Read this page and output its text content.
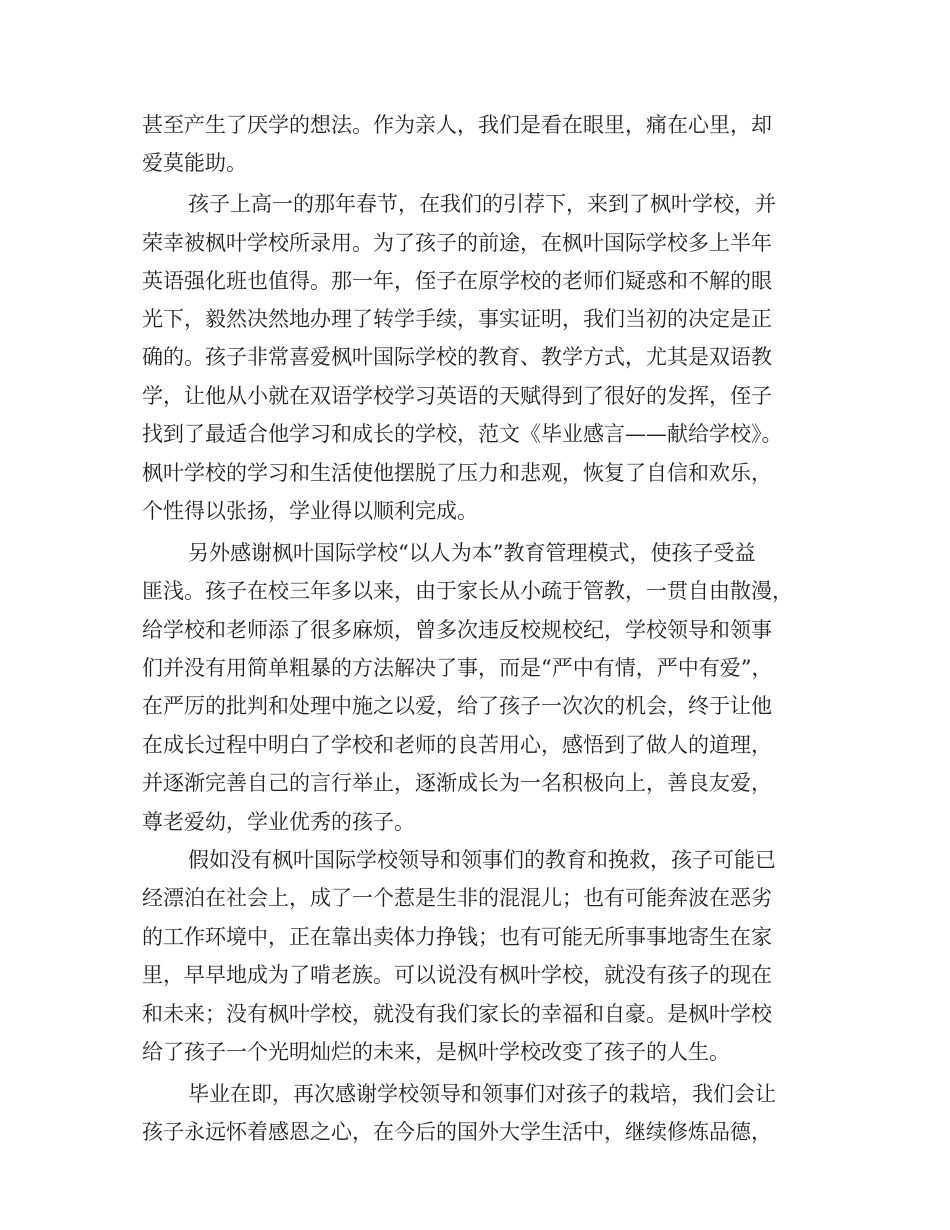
甚至产生了厌学的想法。作为亲人，我们是看在眼里，痛在心里，却
爱莫能助。
孩子上高一的那年春节，在我们的引荐下，来到了枫叶学校，并
荣幸被枫叶学校所录用。为了孩子的前途，在枫叶国际学校多上半年
英语强化班也值得。那一年，侄子在原学校的老师们疑惑和不解的眼
光下，毅然决然地办理了转学手续，事实证明，我们当初的决定是正
确的。孩子非常喜爱枫叶国际学校的教育、教学方式，尤其是双语教
学，让他从小就在双语学校学习英语的天赋得到了很好的发挥，侄子
找到了最适合他学习和成长的学校，范文《毕业感言——献给学校》。
枫叶学校的学习和生活使他摆脱了压力和悲观，恢复了自信和欢乐，
个性得以张扬，学业得以顺利完成。
另外感谢枫叶国际学校“以人为本”教育管理模式，使孩子受益
匪浅。孩子在校三年多以来，由于家长从小疏于管教，一贯自由散漫，
给学校和老师添了很多麻烦，曾多次违反校规校纪，学校领导和领事
们并没有用简单粗暴的方法解决了事，而是“严中有情，严中有爱”，
在严厉的批判和处理中施之以爱，给了孩子一次次的机会，终于让他
在成长过程中明白了学校和老师的良苦用心，感悟到了做人的道理，
并逐渐完善自己的言行举止，逐渐成长为一名积极向上，善良友爱，
尊老爱幼，学业优秀的孩子。
假如没有枫叶国际学校领导和领事们的教育和挽救，孩子可能已
经漂泊在社会上，成了一个惹是生非的混混儿；也有可能奔波在恶劣
的工作环境中，正在靠出卖体力挣钱；也有可能无所事事地寄生在家
里，早早地成为了啃老族。可以说没有枫叶学校，就没有孩子的现在
和未来；没有枫叶学校，就没有我们家长的幸福和自豪。是枫叶学校
给了孩子一个光明灿烂的未来，是枫叶学校改变了孩子的人生。
毕业在即，再次感谢学校领导和领事们对孩子的栽培，我们会让
孩子永远怀着感恩之心，在今后的国外大学生活中，继续修炼品德，
